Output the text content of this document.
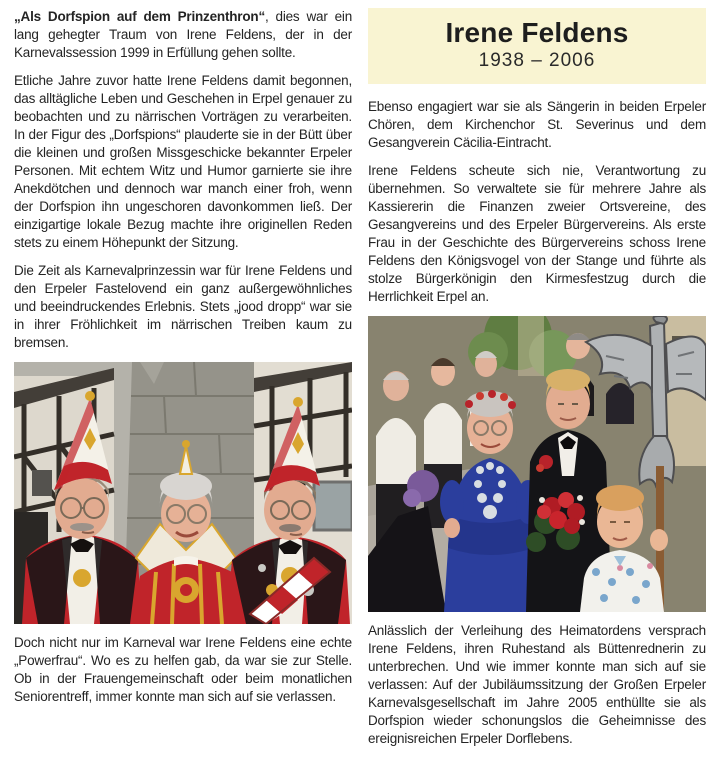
„Als Dorfspion auf dem Prinzenthron“, dies war ein lang gehegter Traum von Irene Feldens, der in der Karnevalssession 1999 in Erfüllung gehen sollte.

Etliche Jahre zuvor hatte Irene Feldens damit begonnen, das alltägliche Leben und Geschehen in Erpel genauer zu beobachten und zu närrischen Vorträgen zu verarbeiten. In der Figur des „Dorfspions“ plauderte sie in der Bütt über die kleinen und großen Missgeschicke bekannter Erpeler Personen. Mit echtem Witz und Humor garnierte sie ihre Anekdötchen und dennoch war manch einer froh, wenn der Dorfspion ihn ungeschoren davonkommen ließ. Der einzigartige lokale Bezug machte ihre originellen Reden stets zu einem Höhepunkt der Sitzung.

Die Zeit als Karnevalprinzessin war für Irene Feldens und den Erpeler Fastelovend ein ganz außergewöhnliches und beeindruckendes Erlebnis. Stets „jood dropp“ war sie in ihrer Fröhlichkeit im närrischen Treiben kaum zu bremsen.

Doch nicht nur im Karneval war Irene Feldens eine echte „Powerfrau“. Wo es zu helfen gab, da war sie zur Stelle. Ob in der Frauengemeinschaft oder beim monatlichen Seniorentreff, immer konnte man sich auf sie verlassen.

Irene Feldens
1938 – 2006

Ebenso engagiert war sie als Sängerin in beiden Erpeler Chören, dem Kirchenchor St. Severinus und dem Gesangverein Cäcilia-Eintracht.

Irene Feldens scheute sich nie, Verantwortung zu übernehmen. So verwaltete sie für mehrere Jahre als Kassiererin die Finanzen zweier Ortsvereine, des Gesangvereins und des Erpeler Bürgervereins. Als erste Frau in der Geschichte des Bürgervereins schoss Irene Feldens den Königsvogel von der Stange und führte als stolze Bürgerkönigin den Kirmesfestzug durch die Herrlichkeit Erpel an.

Anlässlich der Verleihung des Heimatordens versprach Irene Feldens, ihren Ruhestand als Büttenrednerin zu unterbrechen. Und wie immer konnte man sich auf sie verlassen: Auf der Jubiläumssitzung der Großen Erpeler Karnevalsgesellschaft im Jahre 2005 enthüllte sie als Dorfspion wieder schonungslos die Geheimnisse des ereignisreichen Erpeler Dorflebens.
